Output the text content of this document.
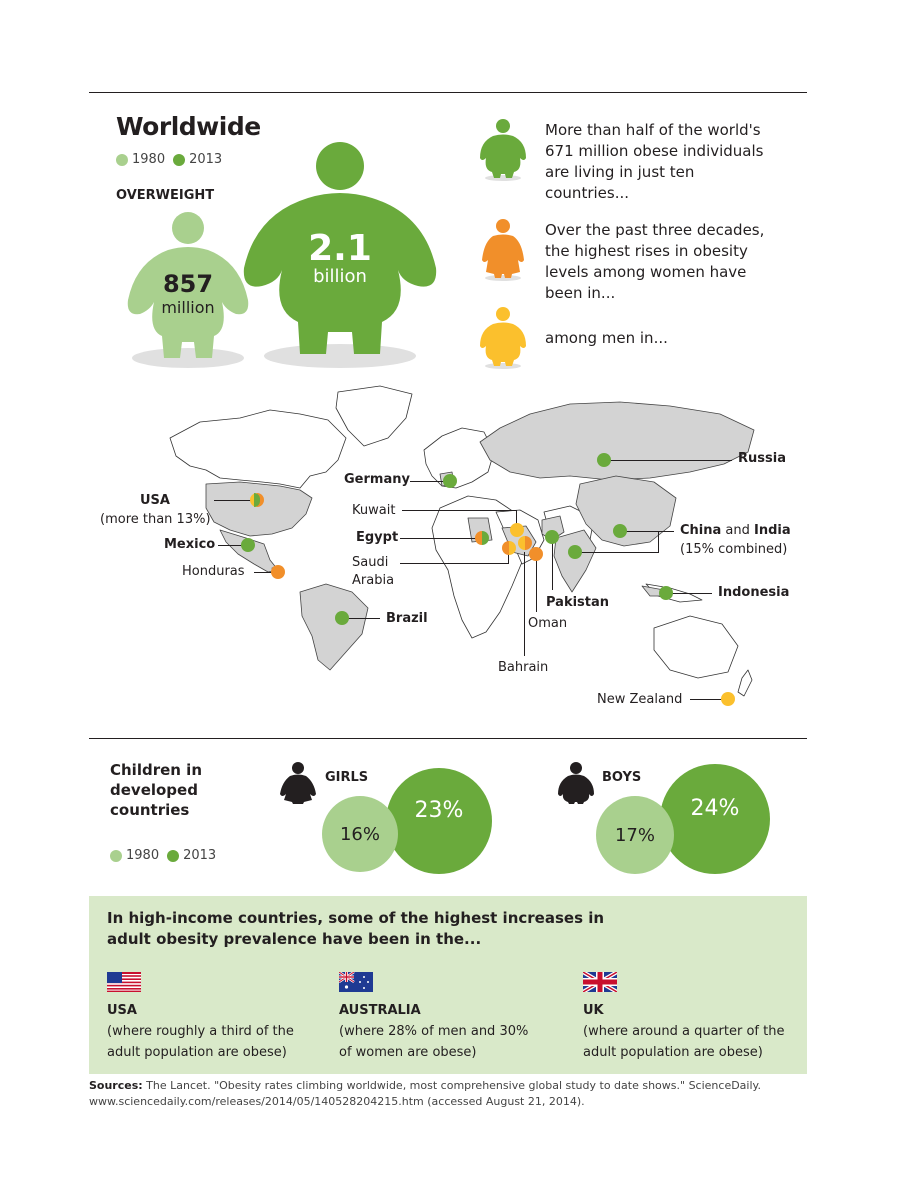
Worldwide
1980 2013
OVERWEIGHT
857
million
2.1
billion
More than half of the world's 671 million obese individuals are living in just ten countries...
Over the past three decades, the highest rises in obesity levels among women have been in...
among men in...
USA
(more than 13%)
Mexico
Honduras
Germany
Kuwait
Egypt
Saudi
Arabia
Brazil
Bahrain
Oman
Pakistan
Russia
China and India
(15% combined)
Indonesia
New Zealand
Children in developed countries
1980 2013
GIRLS
23%
16%
BOYS
24%
17%
In high-income countries, some of the highest increases in adult obesity prevalence have been in the...
USA
(where roughly a third of the adult population are obese)
AUSTRALIA
(where 28% of men and 30% of women are obese)
UK
(where around a quarter of the adult population are obese)
Sources: The Lancet. "Obesity rates climbing worldwide, most comprehensive global study to date shows." ScienceDaily. www.sciencedaily.com/releases/2014/05/140528204215.htm (accessed August 21, 2014).
